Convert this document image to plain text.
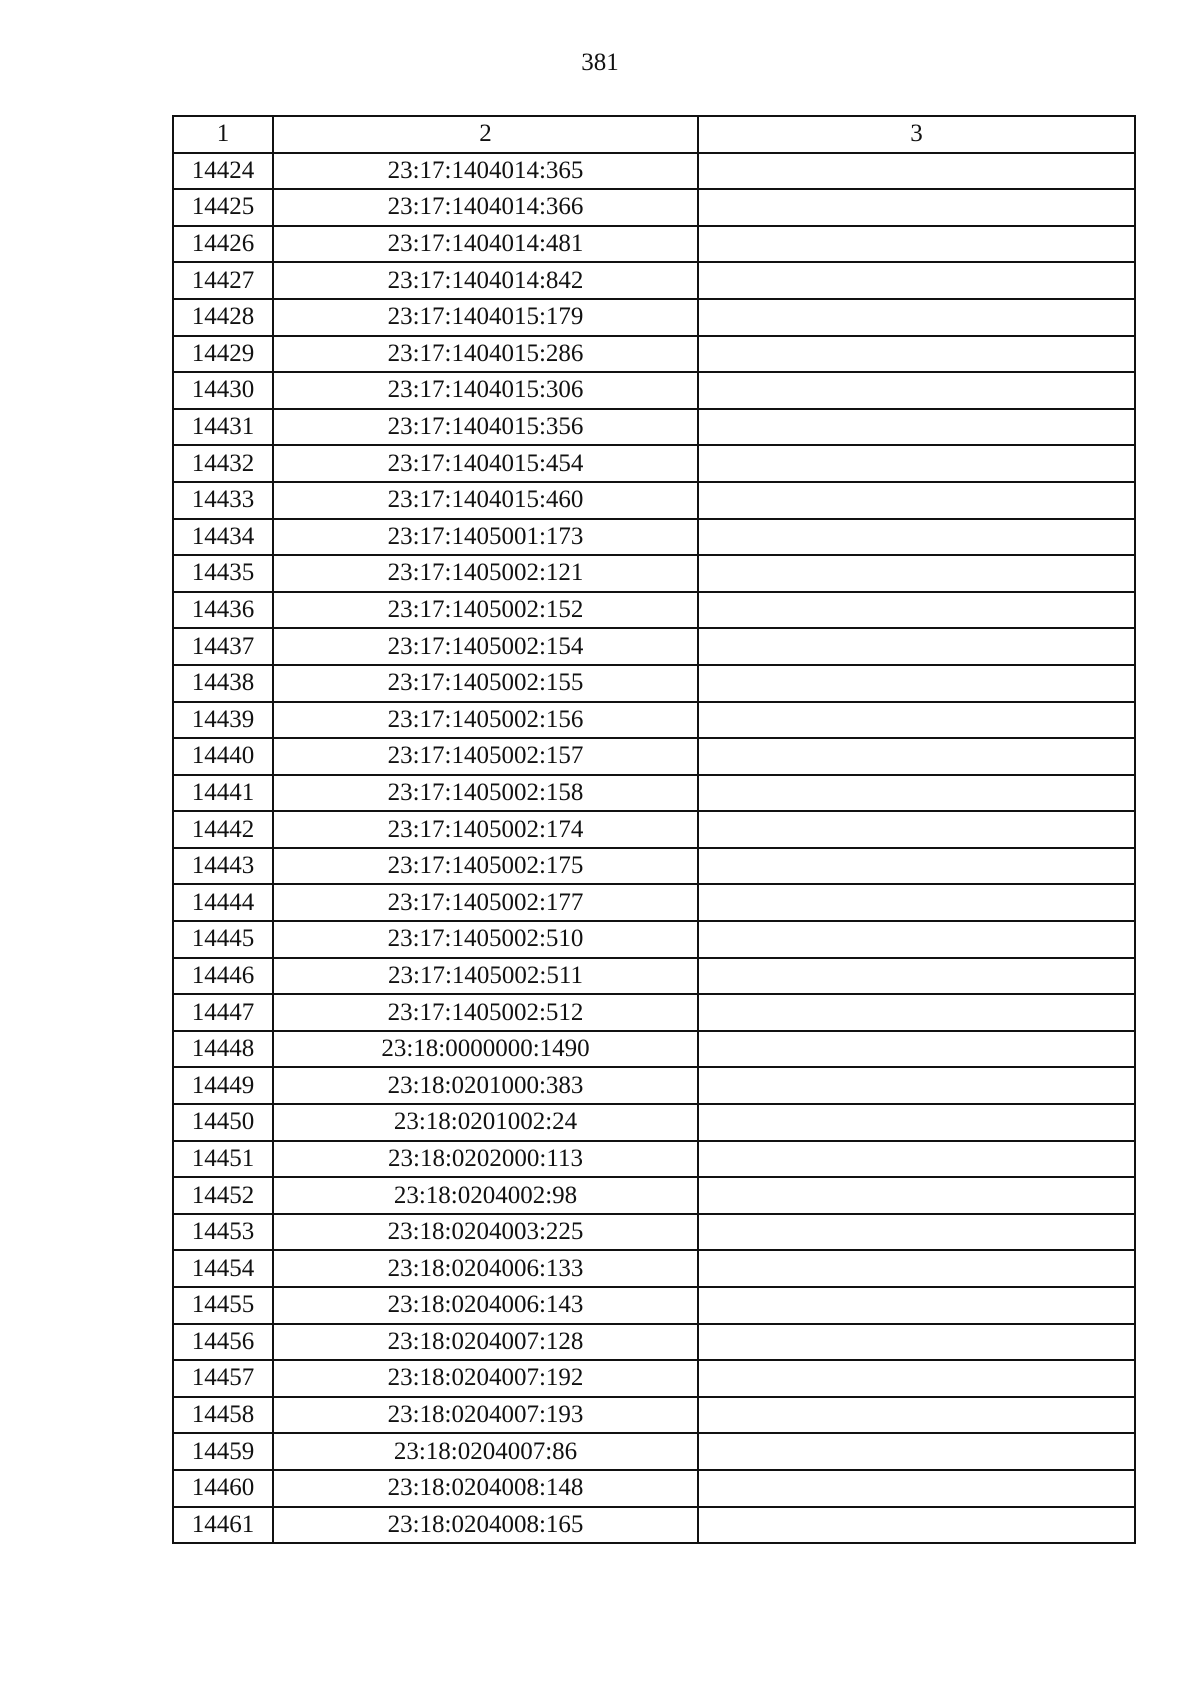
381
1	2	3
14424	23:17:1404014:365	
14425	23:17:1404014:366	
14426	23:17:1404014:481	
14427	23:17:1404014:842	
14428	23:17:1404015:179	
14429	23:17:1404015:286	
14430	23:17:1404015:306	
14431	23:17:1404015:356	
14432	23:17:1404015:454	
14433	23:17:1404015:460	
14434	23:17:1405001:173	
14435	23:17:1405002:121	
14436	23:17:1405002:152	
14437	23:17:1405002:154	
14438	23:17:1405002:155	
14439	23:17:1405002:156	
14440	23:17:1405002:157	
14441	23:17:1405002:158	
14442	23:17:1405002:174	
14443	23:17:1405002:175	
14444	23:17:1405002:177	
14445	23:17:1405002:510	
14446	23:17:1405002:511	
14447	23:17:1405002:512	
14448	23:18:0000000:1490	
14449	23:18:0201000:383	
14450	23:18:0201002:24	
14451	23:18:0202000:113	
14452	23:18:0204002:98	
14453	23:18:0204003:225	
14454	23:18:0204006:133	
14455	23:18:0204006:143	
14456	23:18:0204007:128	
14457	23:18:0204007:192	
14458	23:18:0204007:193	
14459	23:18:0204007:86	
14460	23:18:0204008:148	
14461	23:18:0204008:165	
